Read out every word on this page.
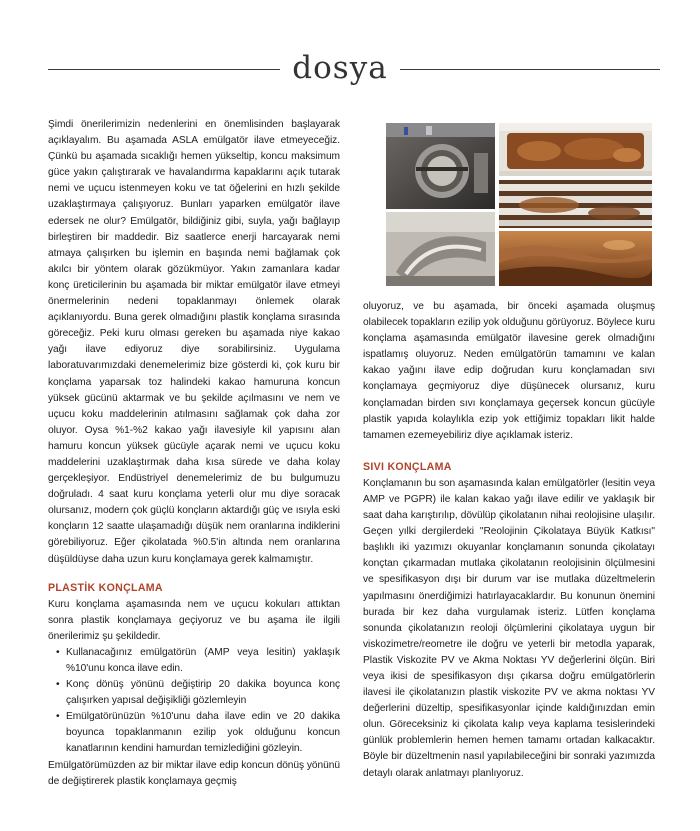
dosya

Şimdi önerilerimizin nedenlerini en önemlisinden başlayarak açıklayalım. Bu aşamada ASLA emülgatör ilave etmeyeceğiz. Çünkü bu aşamada sıcaklığı hemen yükseltip, koncu maksimum güce yakın çalıştırarak ve havalandırma kapaklarını açık tutarak nemi ve uçucu istenmeyen koku ve tat öğelerini en hızlı şekilde uzaklaştırmaya çalışıyoruz. Bunları yaparken emülgatör ilave edersek ne olur? Emülgatör, bildiğiniz gibi, suyla, yağı bağlayıp birleştiren bir maddedir. Biz saatlerce enerji harcayarak nemi atmaya çalışırken bu işlemin en başında nemi bağlamak çok akılcı bir yöntem olarak gözükmüyor. Yakın zamanlara kadar konç üreticilerinin bu aşamada bir miktar emülgatör ilave etmeyi önermelerinin nedeni topaklanmayı önlemek olarak açıklanıyordu. Buna gerek olmadığını plastik konçlama sırasında göreceğiz. Peki kuru olması gereken bu aşamada niye kakao yağı ilave ediyoruz diye sorabilirsiniz. Uygulama laboratuvarımızdaki denemelerimiz bize gösterdi ki, çok kuru bir konçlama yaparsak toz halindeki kakao hamuruna koncun yüksek gücünü aktarmak ve bu şekilde açılmasını ve nem ve uçucu koku maddelerinin atılmasını sağlamak çok daha zor oluyor. Oysa %1-%2 kakao yağı ilavesiyle kil yapısını alan hamuru koncun yüksek gücüyle açarak nemi ve uçucu koku maddelerini uzaklaştırmak daha kısa sürede ve daha kolay gerçekleşiyor. Endüstriyel denemelerimiz de bu bulgumuzu doğruladı. 4 saat kuru konçlama yeterli olur mu diye soracak olursanız, modern çok güçlü konçların aktardığı güç ve ısıyla eski konçların 12 saatte ulaşamadığı düşük nem oranlarına indiklerini görebiliyoruz. Eğer çikolatada %0.5'in altında nem oranlarına düşüldüyse daha uzun kuru konçlamaya gerek kalmamıştır.

PLASTİK KONÇLAMA

Kuru konçlama aşamasında nem ve uçucu kokuları attıktan sonra plastik konçlamaya geçiyoruz ve bu aşama ile ilgili önerilerimiz şu şekildedir.

• Kullanacağınız emülgatörün (AMP veya lesitin) yaklaşık %10'unu konca ilave edin.
• Konç dönüş yönünü değiştirip 20 dakika boyunca konç çalışırken yapısal değişikliği gözlemleyin
• Emülgatörünüzün %10'unu daha ilave edin ve 20 dakika boyunca topaklanmanın ezilip yok olduğunu koncun kanatlarının kendini hamurdan temizlediğini gözleyin.

Emülgatörümüzden az bir miktar ilave edip koncun dönüş yönünü de değiştirerek plastik konçlamaya geçmiş

oluyoruz, ve bu aşamada, bir önceki aşamada oluşmuş olabilecek topakların ezilip yok olduğunu görüyoruz. Böylece kuru konçlama aşamasında emülgatör ilavesine gerek olmadığını ispatlamış oluyoruz. Neden emülgatörün tamamını ve kalan kakao yağını ilave edip doğrudan kuru konçlamadan sıvı konçlamaya geçmiyoruz diye düşünecek olursanız, kuru konçlamadan birden sıvı konçlamaya geçersek koncun gücüyle plastik yapıda kolaylıkla ezip yok ettiğimiz topakları likit halde tamamen ezemeyebiliriz diye açıklamak isteriz.

SIVI KONÇLAMA

Konçlamanın bu son aşamasında kalan emülgatörler (lesitin veya AMP ve PGPR) ile kalan kakao yağı ilave edilir ve yaklaşık bir saat daha karıştırılıp, dövülüp çikolatanın nihai reolojisine ulaşılır. Geçen yılki dergilerdeki "Reolojinin Çikolataya Büyük Katkısı" başlıklı iki yazımızı okuyanlar konçlamanın sonunda çikolatayı konçtan çıkarmadan mutlaka çikolatanın reolojisinin ölçülmesini ve spesifikasyon dışı bir durum var ise mutlaka düzeltmelerin yapılmasını önerdiğimizi hatırlayacaklardır. Bu konunun önemini burada bir kez daha vurgulamak isteriz. Lütfen konçlama sonunda çikolatanızın reoloji ölçümlerini çikolataya uygun bir viskozimetre/reometre ile doğru ve yeterli bir metodla yaparak, Plastik Viskozite PV ve Akma Noktası YV değerlerini ölçün. Biri veya ikisi de spesifikasyon dışı çıkarsa doğru emülgatörlerin ilavesi ile çikolatanızın plastik viskozite PV ve akma noktası YV değerlerini düzeltip, spesifikasyonlar içinde kaldığınızdan emin olun. Göreceksiniz ki çikolata kalıp veya kaplama tesislerindeki günlük problemlerin hemen hemen tamamı ortadan kalkacaktır. Böyle bir düzeltmenin nasıl yapılabileceğini bir sonraki yazımızda detaylı olarak anlatmayı planlıyoruz.
